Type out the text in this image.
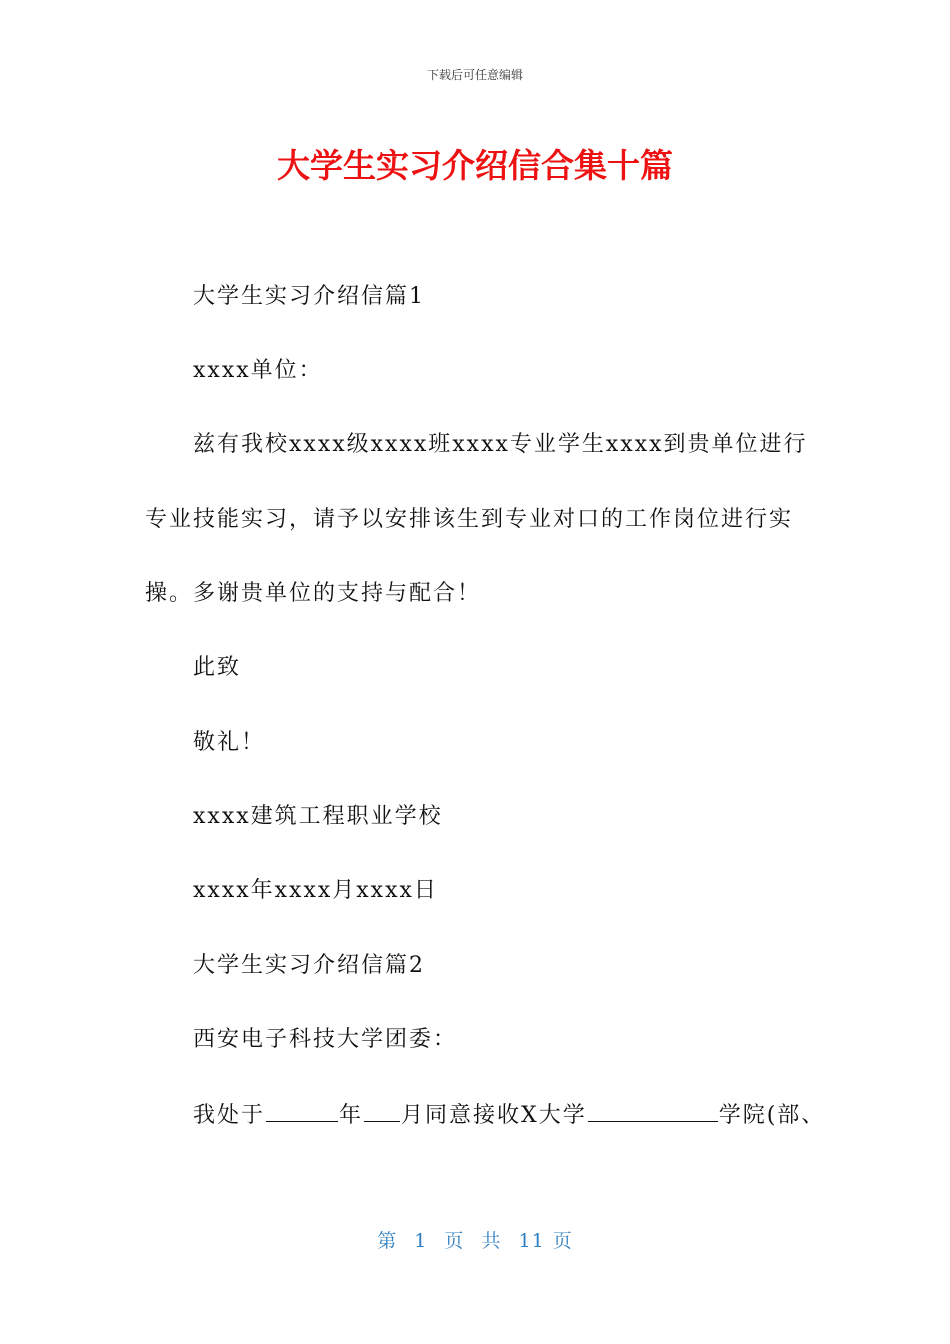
下载后可任意编辑
大学生实习介绍信合集十篇
大学生实习介绍信篇1
xxxx单位：
兹有我校xxxx级xxxx班xxxx专业学生xxxx到贵单位进行
专业技能实习，请予以安排该生到专业对口的工作岗位进行实
操。多谢贵单位的支持与配合！
此致
敬礼！
xxxx建筑工程职业学校
xxxx年xxxx月xxxx日
大学生实习介绍信篇2
西安电子科技大学团委：
我处于	年 月同意接收X大学	学院(部、
第 1 页 共 11 页
